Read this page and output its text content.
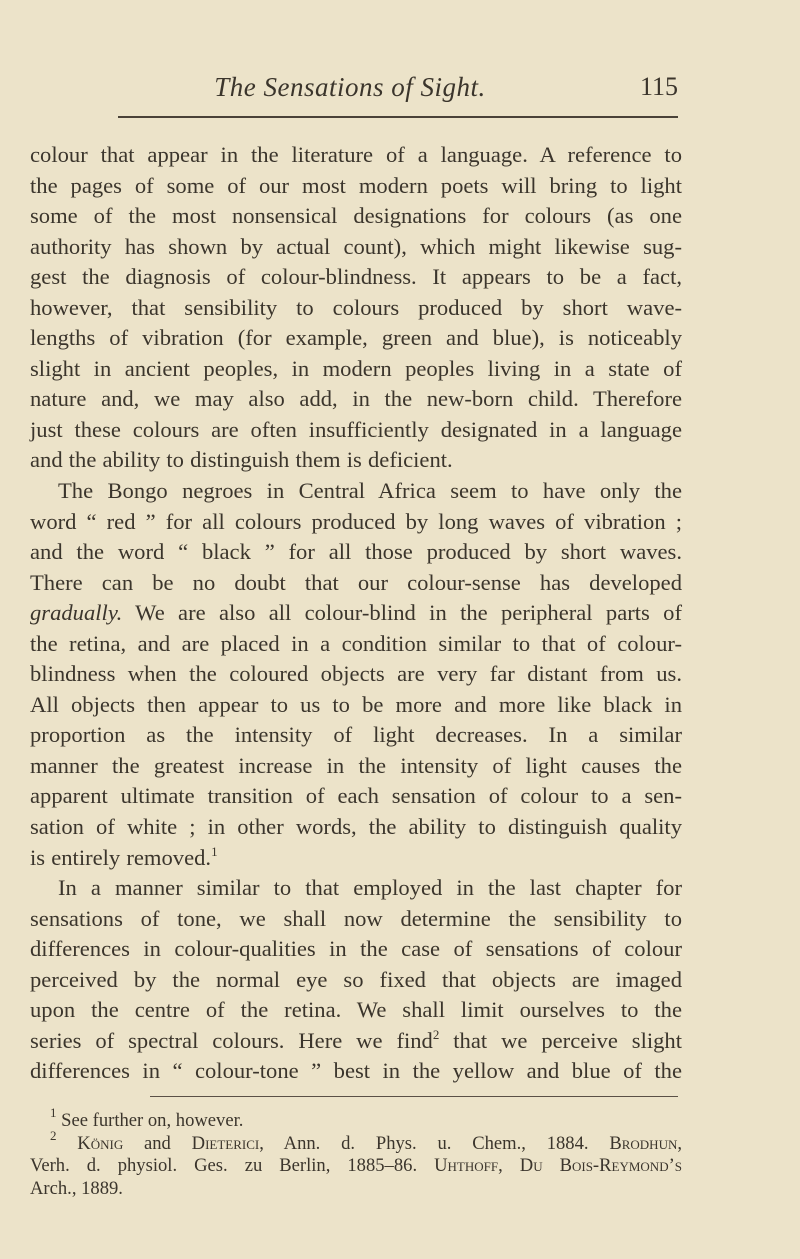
The Sensations of Sight.	115

colour that appear in the literature of a language. A reference to
the pages of some of our most modern poets will bring to light
some of the most nonsensical designations for colours (as one
authority has shown by actual count), which might likewise sug-
gest the diagnosis of colour-blindness. It appears to be a fact,
however, that sensibility to colours produced by short wave-
lengths of vibration (for example, green and blue), is noticeably
slight in ancient peoples, in modern peoples living in a state of
nature and, we may also add, in the new-born child. Therefore
just these colours are often insufficiently designated in a language
and the ability to distinguish them is deficient.

The Bongo negroes in Central Africa seem to have only the
word “ red ” for all colours produced by long waves of vibration ;
and the word “ black ” for all those produced by short waves.
There can be no doubt that our colour-sense has developed
gradually. We are also all colour-blind in the peripheral parts of
the retina, and are placed in a condition similar to that of colour-
blindness when the coloured objects are very far distant from us.
All objects then appear to us to be more and more like black in
proportion as the intensity of light decreases. In a similar
manner the greatest increase in the intensity of light causes the
apparent ultimate transition of each sensation of colour to a sen-
sation of white ; in other words, the ability to distinguish quality
is entirely removed.$^1$

In a manner similar to that employed in the last chapter for
sensations of tone, we shall now determine the sensibility to
differences in colour-qualities in the case of sensations of colour
perceived by the normal eye so fixed that objects are imaged
upon the centre of the retina. We shall limit ourselves to the
series of spectral colours. Here we find$^2$ that we perceive slight
differences in “ colour-tone ” best in the yellow and blue of the

$^1$ See further on, however.

$^2$ König and Dieterici, Ann. d. Phys. u. Chem., 1884. Brodhun,
Verh. d. physiol. Ges. zu Berlin, 1885–86. Uhthoff, Du Bois-Reymond’s
Arch., 1889.
